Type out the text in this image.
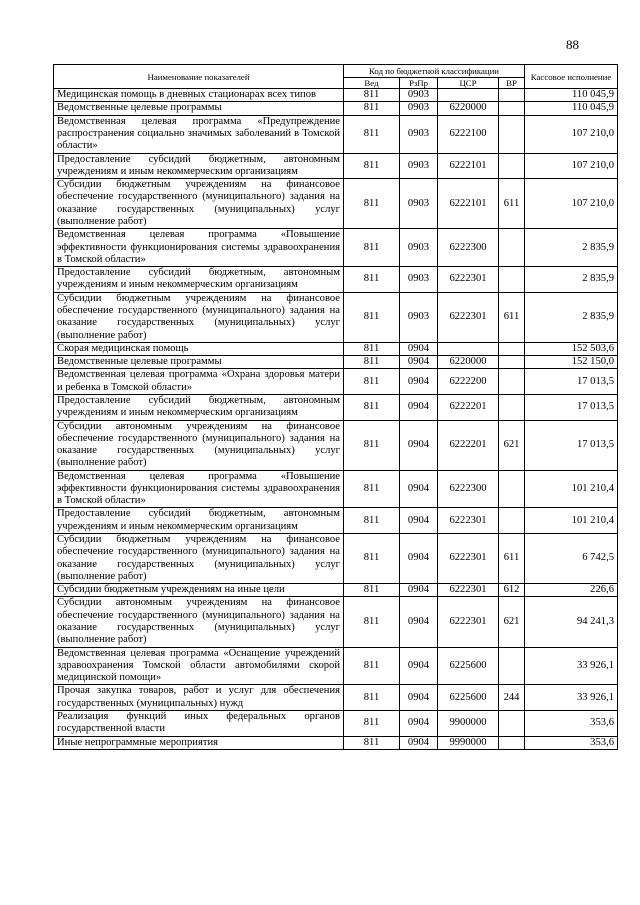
88
Наименование показателей	Код по бюджетной классификации				Кассовое исполнение
	Вед	РзПр	ЦСР	ВР	
Медицинская помощь в дневных стационарах всех типов	811	0903			110 045,9
Ведомственные целевые программы	811	0903	6220000		110 045,9
Ведомственная целевая программа «Предупреждение распространения социально значимых заболеваний в Томской области»	811	0903	6222100		107 210,0
Предоставление субсидий бюджетным, автономным учреждениям и иным некоммерческим организациям	811	0903	6222101		107 210,0
Субсидии бюджетным учреждениям на финансовое обеспечение государственного (муниципального) задания на оказание государственных (муниципальных) услуг (выполнение работ)	811	0903	6222101	611	107 210,0
Ведомственная целевая программа «Повышение эффективности функционирования системы здравоохранения в Томской области»	811	0903	6222300		2 835,9
Предоставление субсидий бюджетным, автономным учреждениям и иным некоммерческим организациям	811	0903	6222301		2 835,9
Субсидии бюджетным учреждениям на финансовое обеспечение государственного (муниципального) задания на оказание государственных (муниципальных) услуг (выполнение работ)	811	0903	6222301	611	2 835,9
Скорая медицинская помощь	811	0904			152 503,6
Ведомственные целевые программы	811	0904	6220000		152 150,0
Ведомственная целевая программа «Охрана здоровья матери и ребенка в Томской области»	811	0904	6222200		17 013,5
Предоставление субсидий бюджетным, автономным учреждениям и иным некоммерческим организациям	811	0904	6222201		17 013,5
Субсидии автономным учреждениям на финансовое обеспечение государственного (муниципального) задания на оказание государственных (муниципальных) услуг (выполнение работ)	811	0904	6222201	621	17 013,5
Ведомственная целевая программа «Повышение эффективности функционирования системы здравоохранения в Томской области»	811	0904	6222300		101 210,4
Предоставление субсидий бюджетным, автономным учреждениям и иным некоммерческим организациям	811	0904	6222301		101 210,4
Субсидии бюджетным учреждениям на финансовое обеспечение государственного (муниципального) задания на оказание государственных (муниципальных) услуг (выполнение работ)	811	0904	6222301	611	6 742,5
Субсидии бюджетным учреждениям на иные цели	811	0904	6222301	612	226,6
Субсидии автономным учреждениям на финансовое обеспечение государственного (муниципального) задания на оказание государственных (муниципальных) услуг (выполнение работ)	811	0904	6222301	621	94 241,3
Ведомственная целевая программа «Оснащение учреждений здравоохранения Томской области автомобилями скорой медицинской помощи»	811	0904	6225600		33 926,1
Прочая закупка товаров, работ и услуг для обеспечения государственных (муниципальных) нужд	811	0904	6225600	244	33 926,1
Реализация функций иных федеральных органов государственной власти	811	0904	9900000		353,6
Иные непрограммные мероприятия	811	0904	9990000		353,6
